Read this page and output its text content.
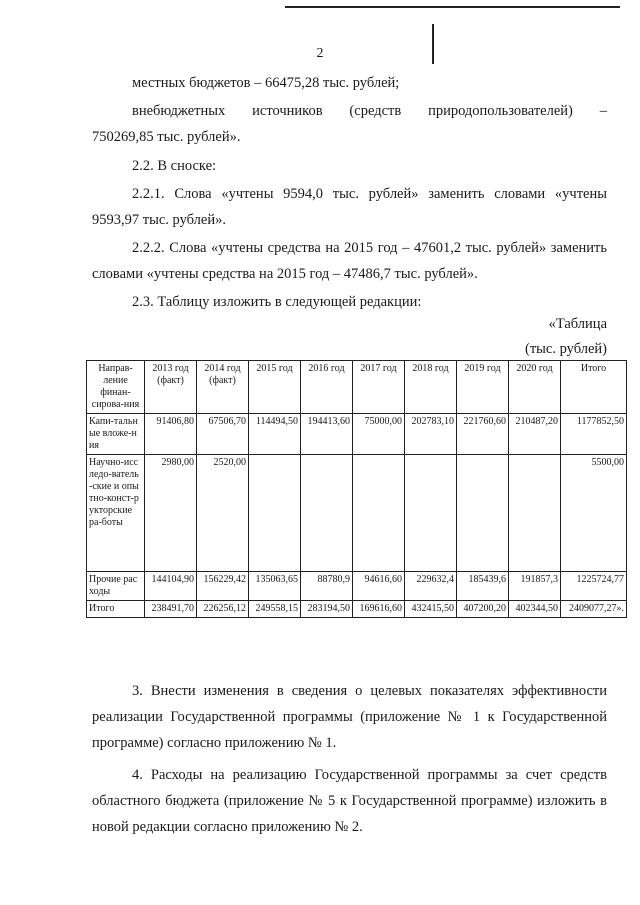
2

местных бюджетов – 66475,28 тыс. рублей;

внебюджетных источников (средств природопользователей) –

750269,85 тыс. рублей».

2.2. В сноске:

2.2.1. Слова «учтены 9594,0 тыс. рублей» заменить словами «учтены 9593,97 тыс. рублей».

2.2.2. Слова «учтены средства на 2015 год – 47601,2 тыс. рублей» заменить словами «учтены средства на 2015 год – 47486,7 тыс. рублей».

2.3. Таблицу изложить в следующей редакции:

«Таблица

(тыс. рублей)

Направ-ление финан-сирова-ния	2013 год (факт)	2014 год (факт)	2015 год	2016 год	2017 год	2018 год	2019 год	2020 год	Итого

Капи-тальные вложе-ния	91406,80	67506,70	114494,50	194413,60	75000,00	202783,10	221760,60	210487,20	1177852,50

Научно-исследо-ватель-ские и опытно-конст-рукторские ра-боты	2980,00	2520,00							5500,00

Прочие расходы	144104,90	156229,42	135063,65	88780,9	94616,60	229632,4	185439,6	191857,3	1225724,77

Итого	238491,70	226256,12	249558,15	283194,50	169616,60	432415,50	407200,20	402344,50	2409077,27».

3. Внести изменения в сведения о целевых показателях эффективности реализации Государственной программы (приложение № 1 к Государственной программе) согласно приложению № 1.

4. Расходы на реализацию Государственной программы за счет средств областного бюджета (приложение № 5 к Государственной программе) изложить в новой редакции согласно приложению № 2.
